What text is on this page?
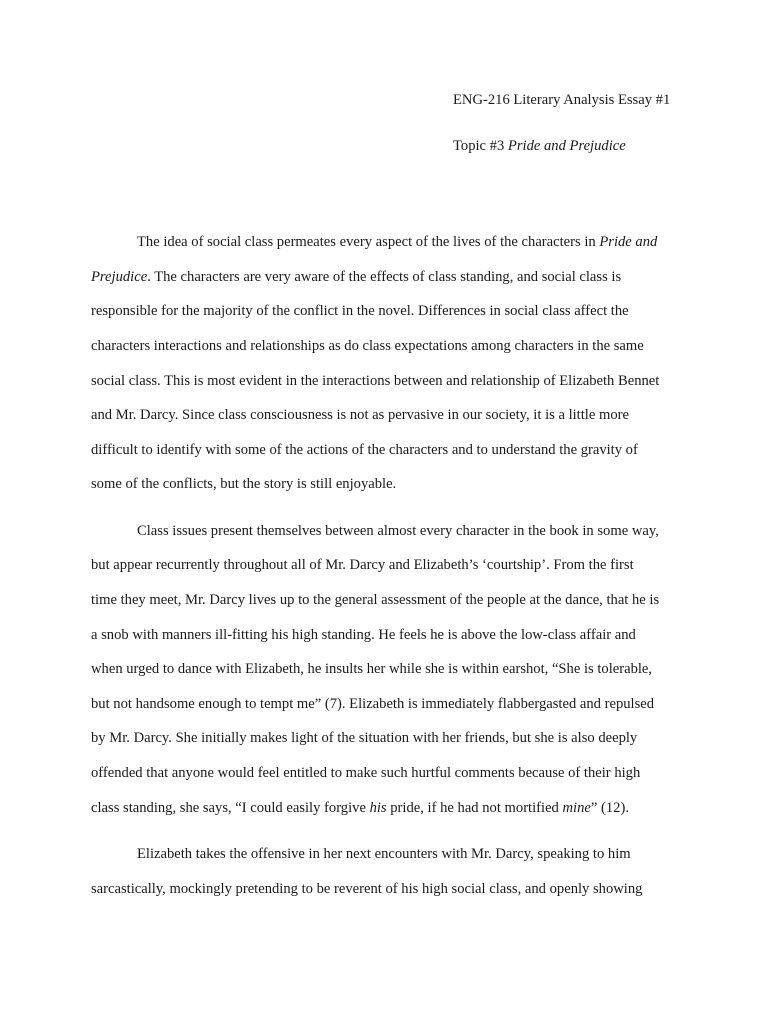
ENG-216 Literary Analysis Essay #1
Topic #3 Pride and Prejudice
The idea of social class permeates every aspect of the lives of the characters in Pride and
Prejudice. The characters are very aware of the effects of class standing, and social class is
responsible for the majority of the conflict in the novel. Differences in social class affect the
characters interactions and relationships as do class expectations among characters in the same
social class. This is most evident in the interactions between and relationship of Elizabeth Bennet
and Mr. Darcy. Since class consciousness is not as pervasive in our society, it is a little more
difficult to identify with some of the actions of the characters and to understand the gravity of
some of the conflicts, but the story is still enjoyable.
Class issues present themselves between almost every character in the book in some way,
but appear recurrently throughout all of Mr. Darcy and Elizabeth’s ‘courtship’. From the first
time they meet, Mr. Darcy lives up to the general assessment of the people at the dance, that he is
a snob with manners ill-fitting his high standing. He feels he is above the low-class affair and
when urged to dance with Elizabeth, he insults her while she is within earshot, “She is tolerable,
but not handsome enough to tempt me” (7). Elizabeth is immediately flabbergasted and repulsed
by Mr. Darcy. She initially makes light of the situation with her friends, but she is also deeply
offended that anyone would feel entitled to make such hurtful comments because of their high
class standing, she says, “I could easily forgive his pride, if he had not mortified mine” (12).
Elizabeth takes the offensive in her next encounters with Mr. Darcy, speaking to him
sarcastically, mockingly pretending to be reverent of his high social class, and openly showing
